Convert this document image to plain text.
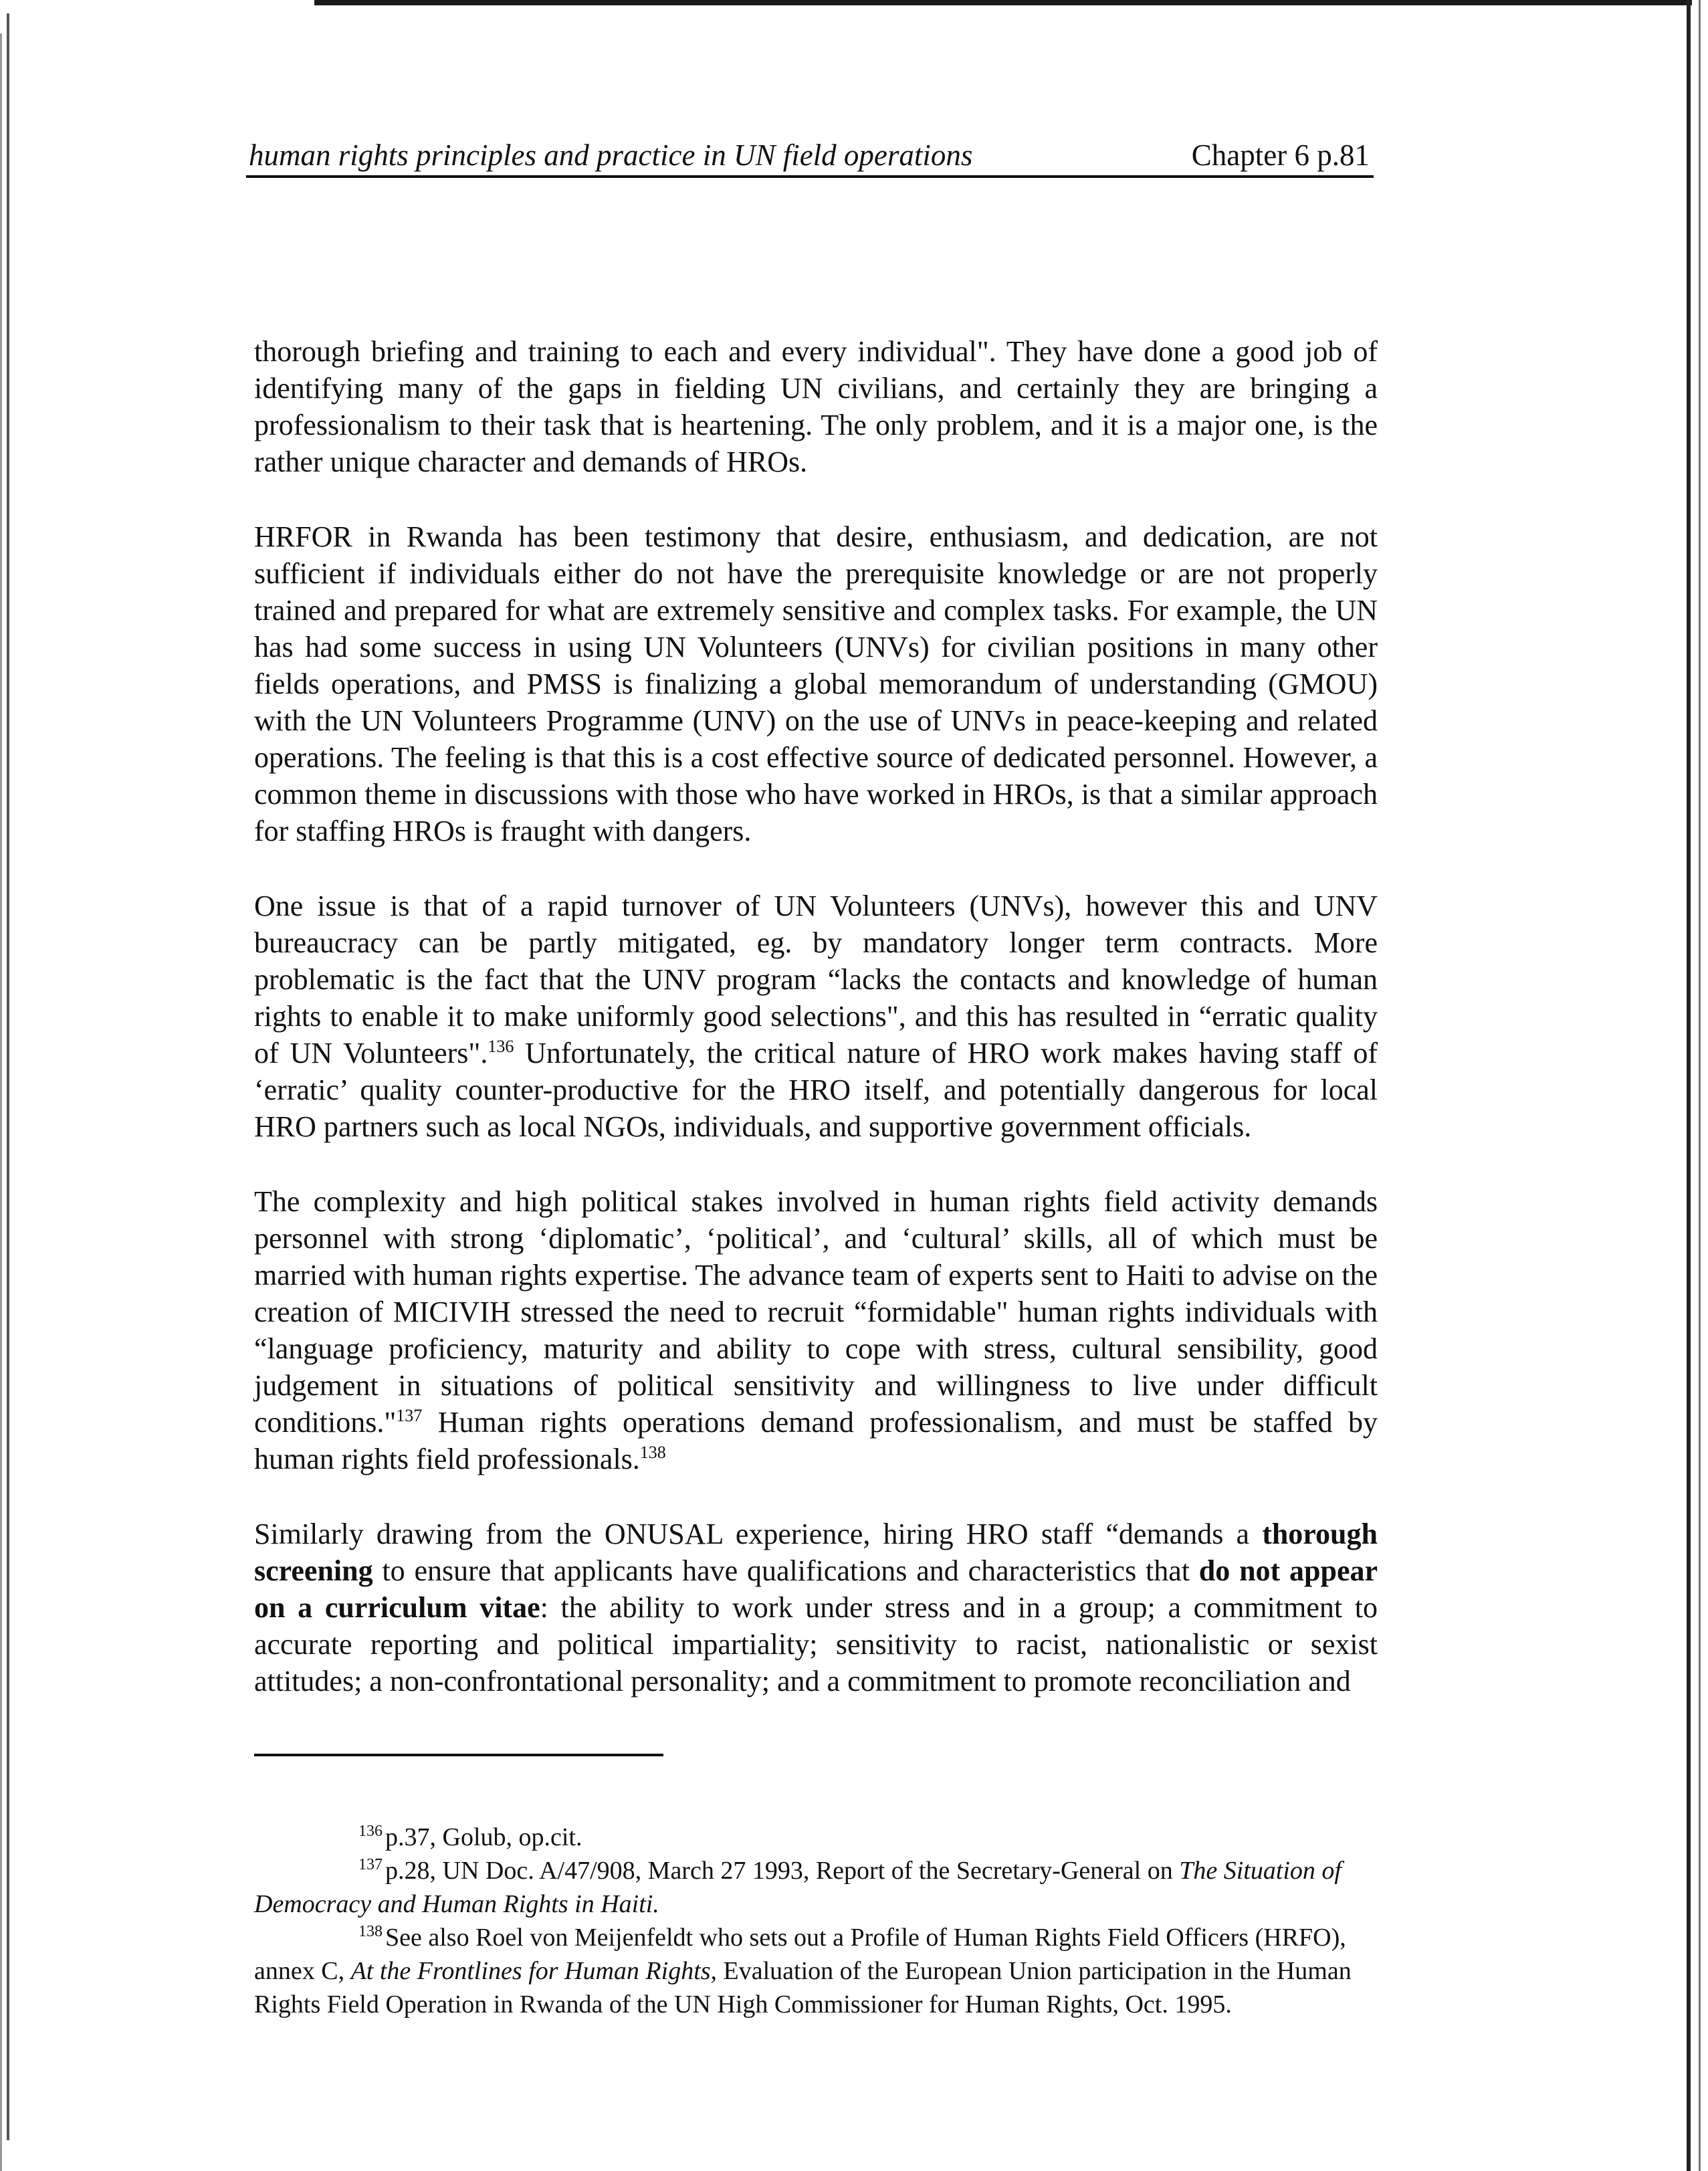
human rights principles and practice in UN field operations	Chapter 6 p.81

thorough briefing and training to each and every individual". They have done a good job of identifying many of the gaps in fielding UN civilians, and certainly they are bringing a professionalism to their task that is heartening. The only problem, and it is a major one, is the rather unique character and demands of HROs.

HRFOR in Rwanda has been testimony that desire, enthusiasm, and dedication, are not sufficient if individuals either do not have the prerequisite knowledge or are not properly trained and prepared for what are extremely sensitive and complex tasks. For example, the UN has had some success in using UN Volunteers (UNVs) for civilian positions in many other fields operations, and PMSS is finalizing a global memorandum of understanding (GMOU) with the UN Volunteers Programme (UNV) on the use of UNVs in peace-keeping and related operations. The feeling is that this is a cost effective source of dedicated personnel. However, a common theme in discussions with those who have worked in HROs, is that a similar approach for staffing HROs is fraught with dangers.

One issue is that of a rapid turnover of UN Volunteers (UNVs), however this and UNV bureaucracy can be partly mitigated, eg. by mandatory longer term contracts. More problematic is the fact that the UNV program “lacks the contacts and knowledge of human rights to enable it to make uniformly good selections", and this has resulted in “erratic quality of UN Volunteers".$^{136}$ Unfortunately, the critical nature of HRO work makes having staff of ‘erratic’ quality counter-productive for the HRO itself, and potentially dangerous for local HRO partners such as local NGOs, individuals, and supportive government officials.

The complexity and high political stakes involved in human rights field activity demands personnel with strong ‘diplomatic’, ‘political’, and ‘cultural’ skills, all of which must be married with human rights expertise. The advance team of experts sent to Haiti to advise on the creation of MICIVIH stressed the need to recruit “formidable" human rights individuals with “language proficiency, maturity and ability to cope with stress, cultural sensibility, good judgement in situations of political sensitivity and willingness to live under difficult conditions."$^{137}$ Human rights operations demand professionalism, and must be staffed by human rights field professionals.$^{138}$

Similarly drawing from the ONUSAL experience, hiring HRO staff “demands a thorough screening to ensure that applicants have qualifications and characteristics that do not appear on a curriculum vitae: the ability to work under stress and in a group; a commitment to accurate reporting and political impartiality; sensitivity to racist, nationalistic or sexist attitudes; a non-confrontational personality; and a commitment to promote reconciliation and

$^{136}$ p.37, Golub, op.cit.

$^{137}$ p.28, UN Doc. A/47/908, March 27 1993, Report of the Secretary-General on The Situation of Democracy and Human Rights in Haiti.

$^{138}$ See also Roel von Meijenfeldt who sets out a Profile of Human Rights Field Officers (HRFO), annex C, At the Frontlines for Human Rights, Evaluation of the European Union participation in the Human Rights Field Operation in Rwanda of the UN High Commissioner for Human Rights, Oct. 1995.
